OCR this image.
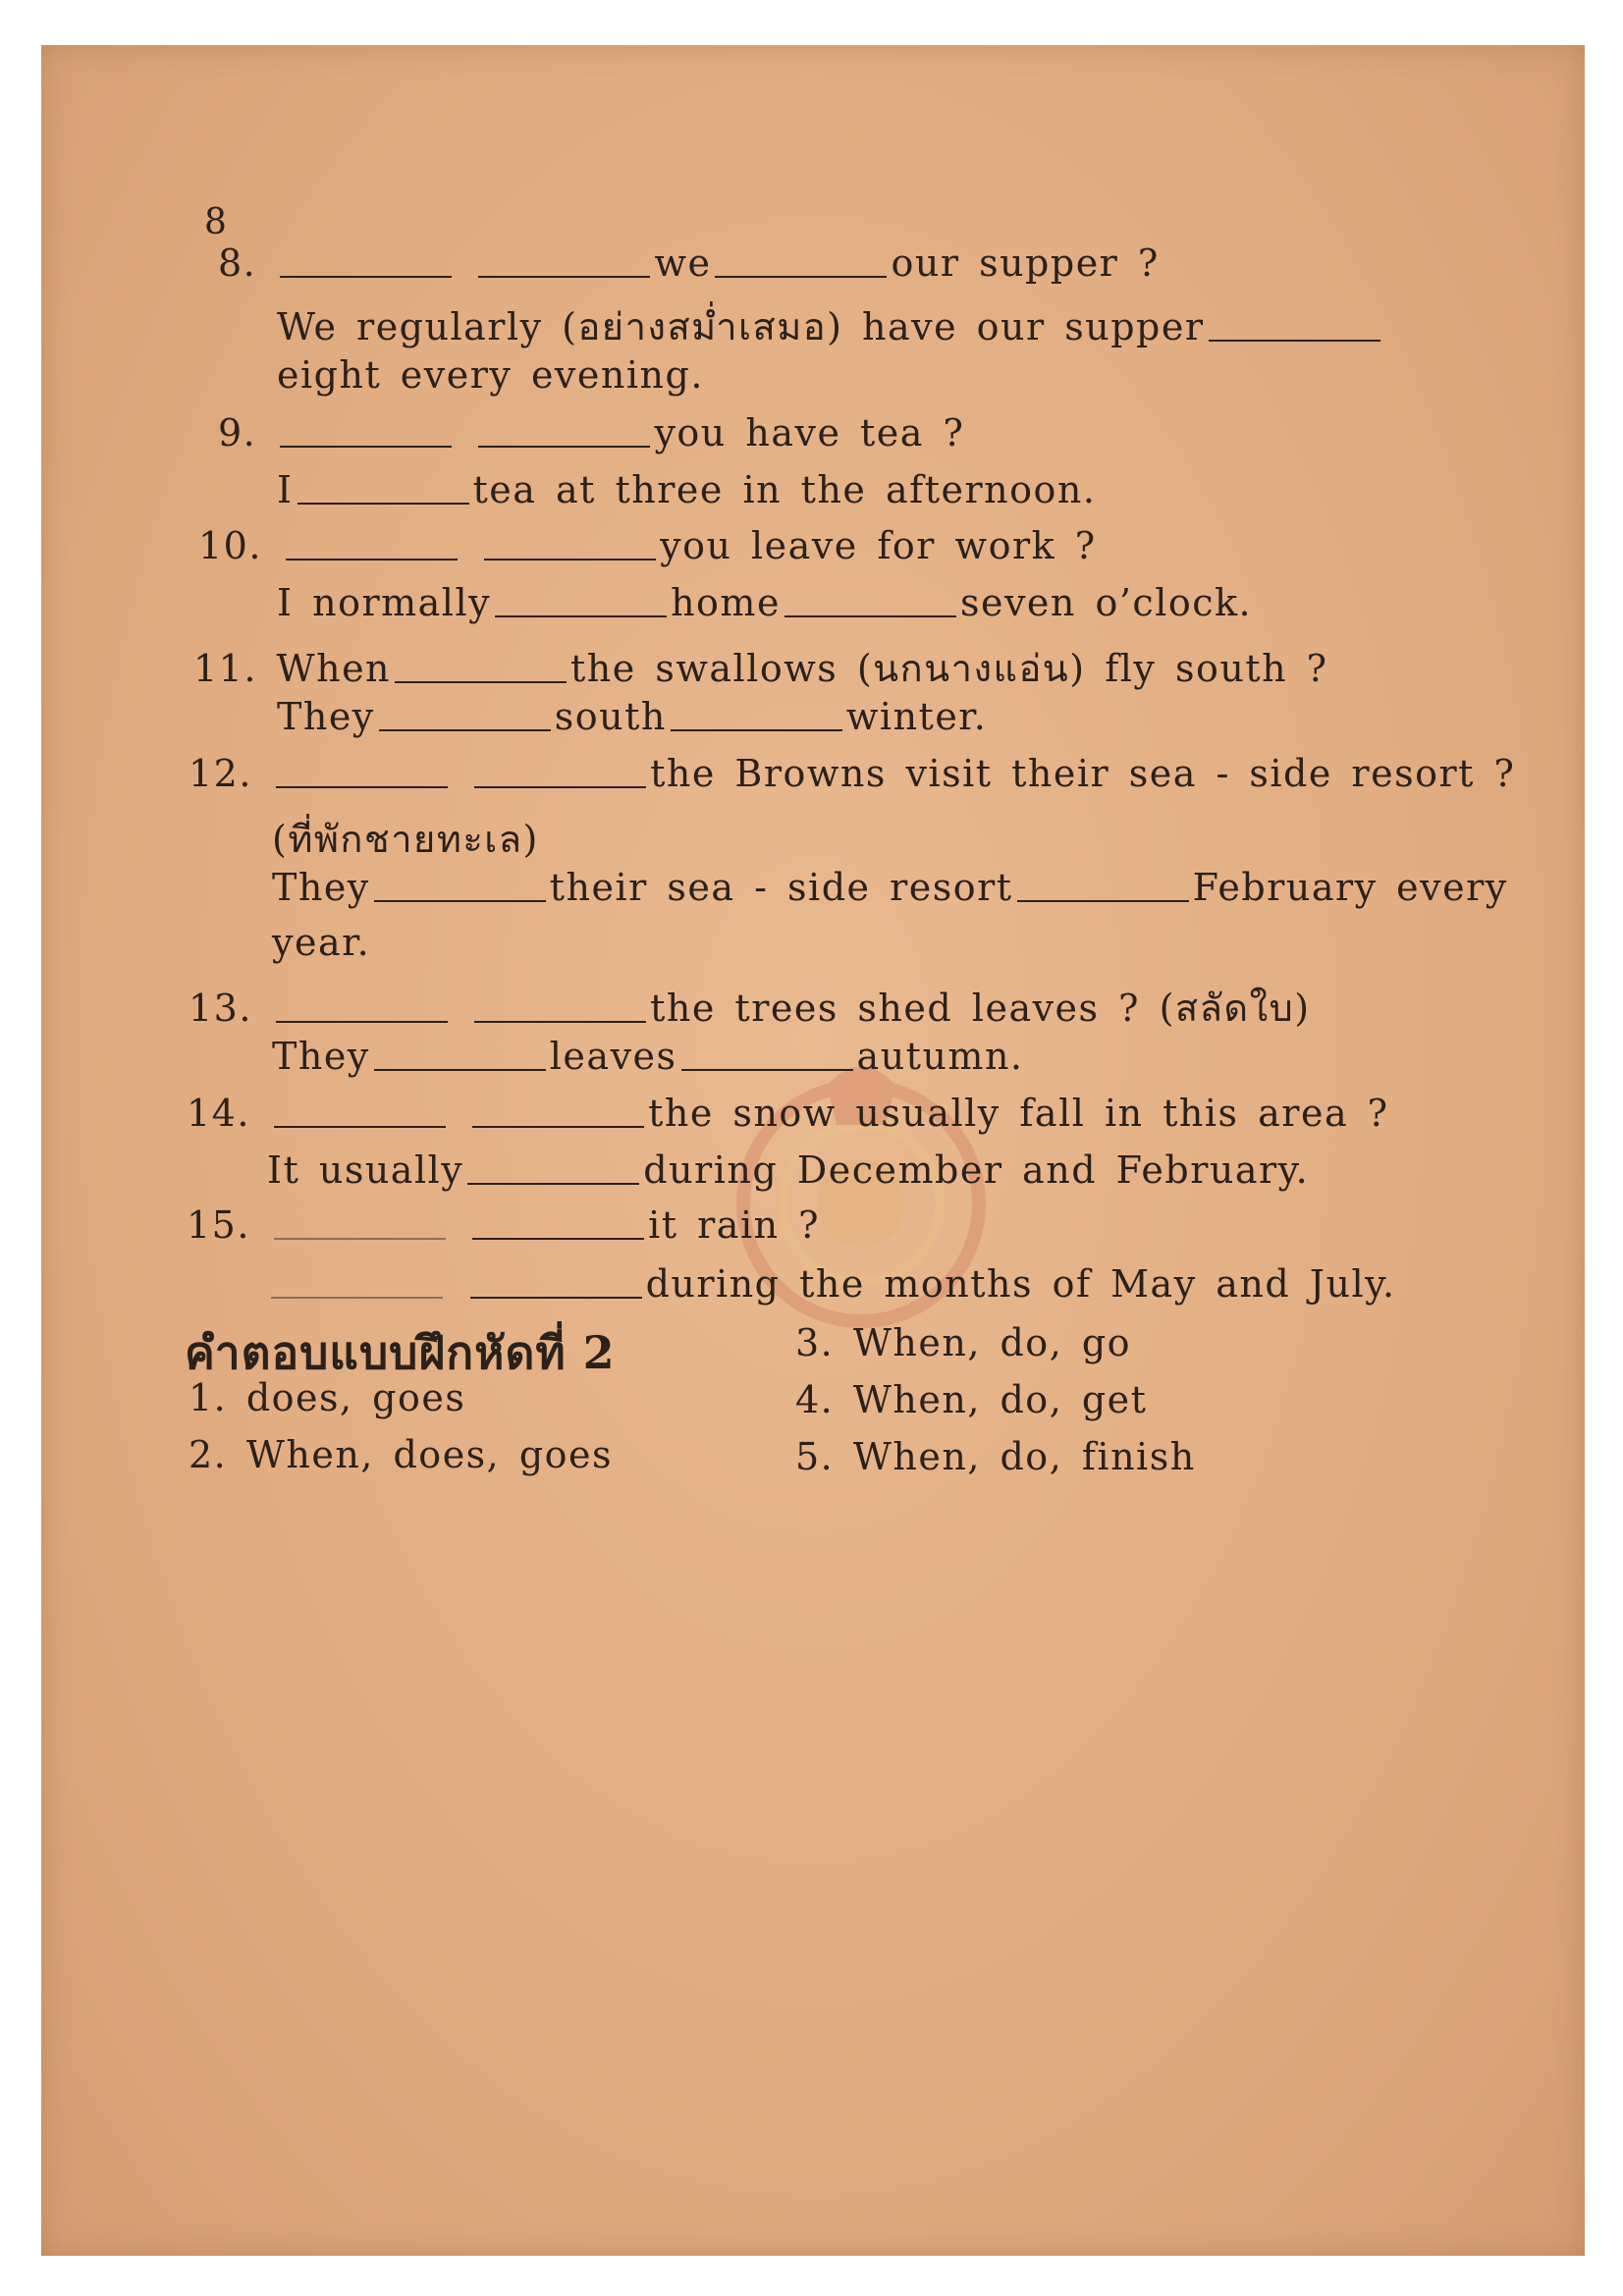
8
8.	we	our supper ?
We regularly (อย่างสม่ำเสมอ) have our supper
eight every evening.
9.	you have tea ?
I	tea at three in the afternoon.
10.	you leave for work ?
I normally	home	seven o’clock.
11. When	the swallows (นกนางแอ่น) fly south ?
They	south	winter.
12.	the Browns visit their sea - side resort ?
(ที่พักชายทะเล)
They	their sea - side resort	February every
year.
13.	the trees shed leaves ? (สลัดใบ)
They	leaves	autumn.
14.	the snow usually fall in this area ?
It usually	during December and February.
15.	it rain ?
during the months of May and July.
คำตอบแบบฝึกหัดที่ 2
1. does, goes
2. When, does, goes
3. When, do, go
4. When, do, get
5. When, do, finish
